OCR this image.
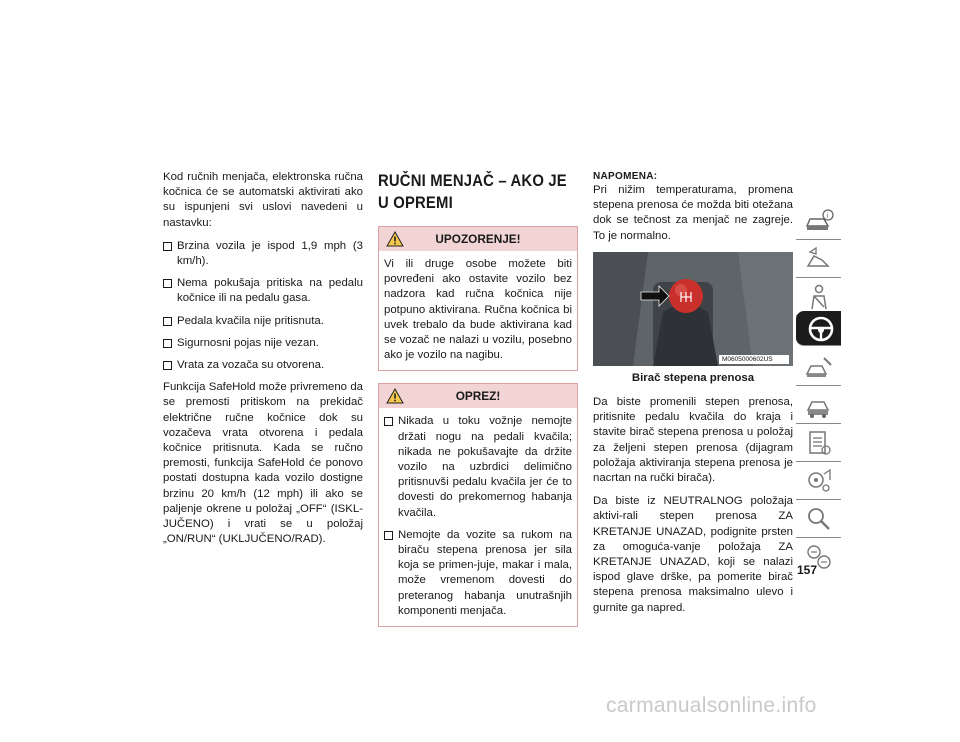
Kod ručnih menjača, elektronska ručna kočnica će se automatski aktivirati ako su ispunjeni svi uslovi navedeni u nastavku:

Brzina vozila je ispod 1,9 mph (3 km/h).
Nema pokušaja pritiska na pedalu kočnice ili na pedalu gasa.
Pedala kvačila nije pritisnuta.
Sigurnosni pojas nije vezan.
Vrata za vozača su otvorena.

Funkcija SafeHold može privremeno da se premosti pritiskom na prekidač električne ručne kočnice dok su vozačeva vrata otvorena i pedala kočnice pritisnuta. Kada se ručno premosti, funkcija SafeHold će ponovo postati dostupna kada vozilo dostigne brzinu 20 km/h (12 mph) ili ako se paljenje okrene u položaj „OFF“ (ISKL-JUČENO) i vrati se u položaj „ON/RUN“ (UKLJUČENO/RAD).

RUČNI MENJAČ – AKO JE U OPREMI
UPOZORENJE!

Vi ili druge osobe možete biti povređeni ako ostavite vozilo bez nadzora kad ručna kočnica nije potpuno aktivirana. Ručna kočnica bi uvek trebalo da bude aktivirana kad se vozač ne nalazi u vozilu, posebno ako je vozilo na nagibu.

OPREZ!
Nikada u toku vožnje nemojte držati nogu na pedali kvačila; nikada ne pokušavajte da držite vozilo na uzbrdici delimično pritisnuvši pedalu kvačila jer će to dovesti do prekomernog habanja kvačila.
Nemojte da vozite sa rukom na biraču stepena prenosa jer sila koja se primen-juje, makar i mala, može vremenom dovesti do preteranog habanja unutrašnjih komponenti menjača.

NAPOMENA:

Pri nižim temperaturama, promena stepena prenosa će možda biti otežana dok se tečnost za menjač ne zagreje. To je normalno.

M0605000602US

Birač stepena prenosa

Da biste promenili stepen prenosa, pritisnite pedalu kvačila do kraja i stavite birač stepena prenosa u položaj za željeni stepen prenosa (dijagram položaja aktiviranja stepena prenosa je nacrtan na ručki birača).

Da biste iz NEUTRALNOG položaja aktivi-rali stepen prenosa ZA KRETANJE UNAZAD, podignite prsten za omoguća-vanje položaja ZA KRETANJE UNAZAD, koji se nalazi ispod glave drške, pa pomerite birač stepena prenosa maksimalno ulevo i gurnite ga napred.

i
157
carmanualsonline.info
